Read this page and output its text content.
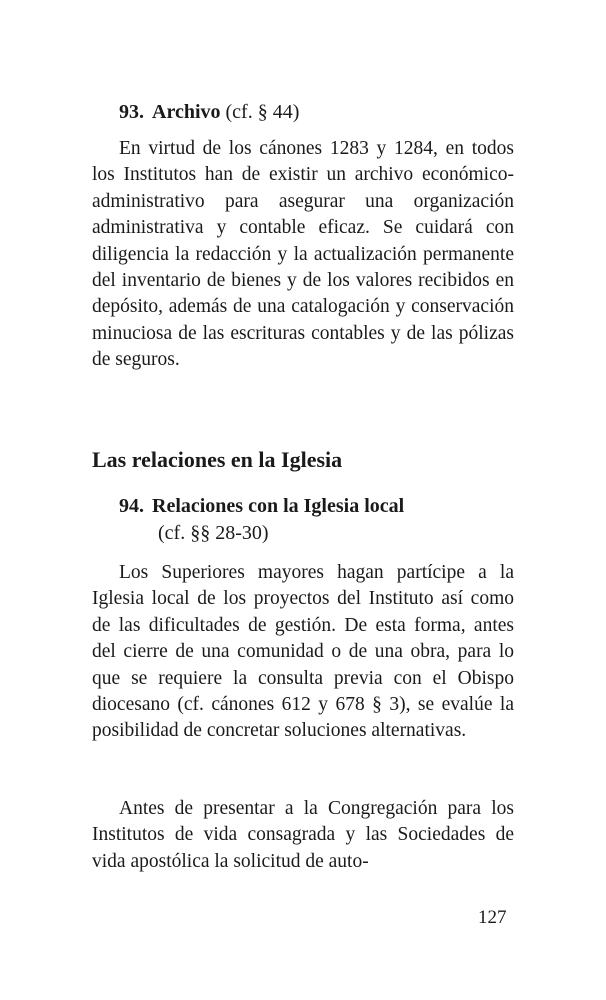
93. Archivo (cf. § 44)

En virtud de los cánones 1283 y 1284, en todos los Institutos han de existir un archivo económico-administrativo para asegurar una organización administrativa y contable eficaz. Se cuidará con diligencia la redacción y la actualización permanente del inventario de bienes y de los valores recibidos en depósito, además de una catalogación y conservación minuciosa de las escrituras contables y de las pólizas de seguros.

Las relaciones en la Iglesia
94. Relaciones con la Iglesia local
(cf. §§ 28-30)

Los Superiores mayores hagan partícipe a la Iglesia local de los proyectos del Instituto así como de las dificultades de gestión. De esta forma, antes del cierre de una comunidad o de una obra, para lo que se requiere la consulta previa con el Obispo diocesano (cf. cánones 612 y 678 § 3), se evalúe la posibilidad de concretar soluciones alternativas.

Antes de presentar a la Congregación para los Institutos de vida consagrada y las Sociedades de vida apostólica la solicitud de auto-

127
